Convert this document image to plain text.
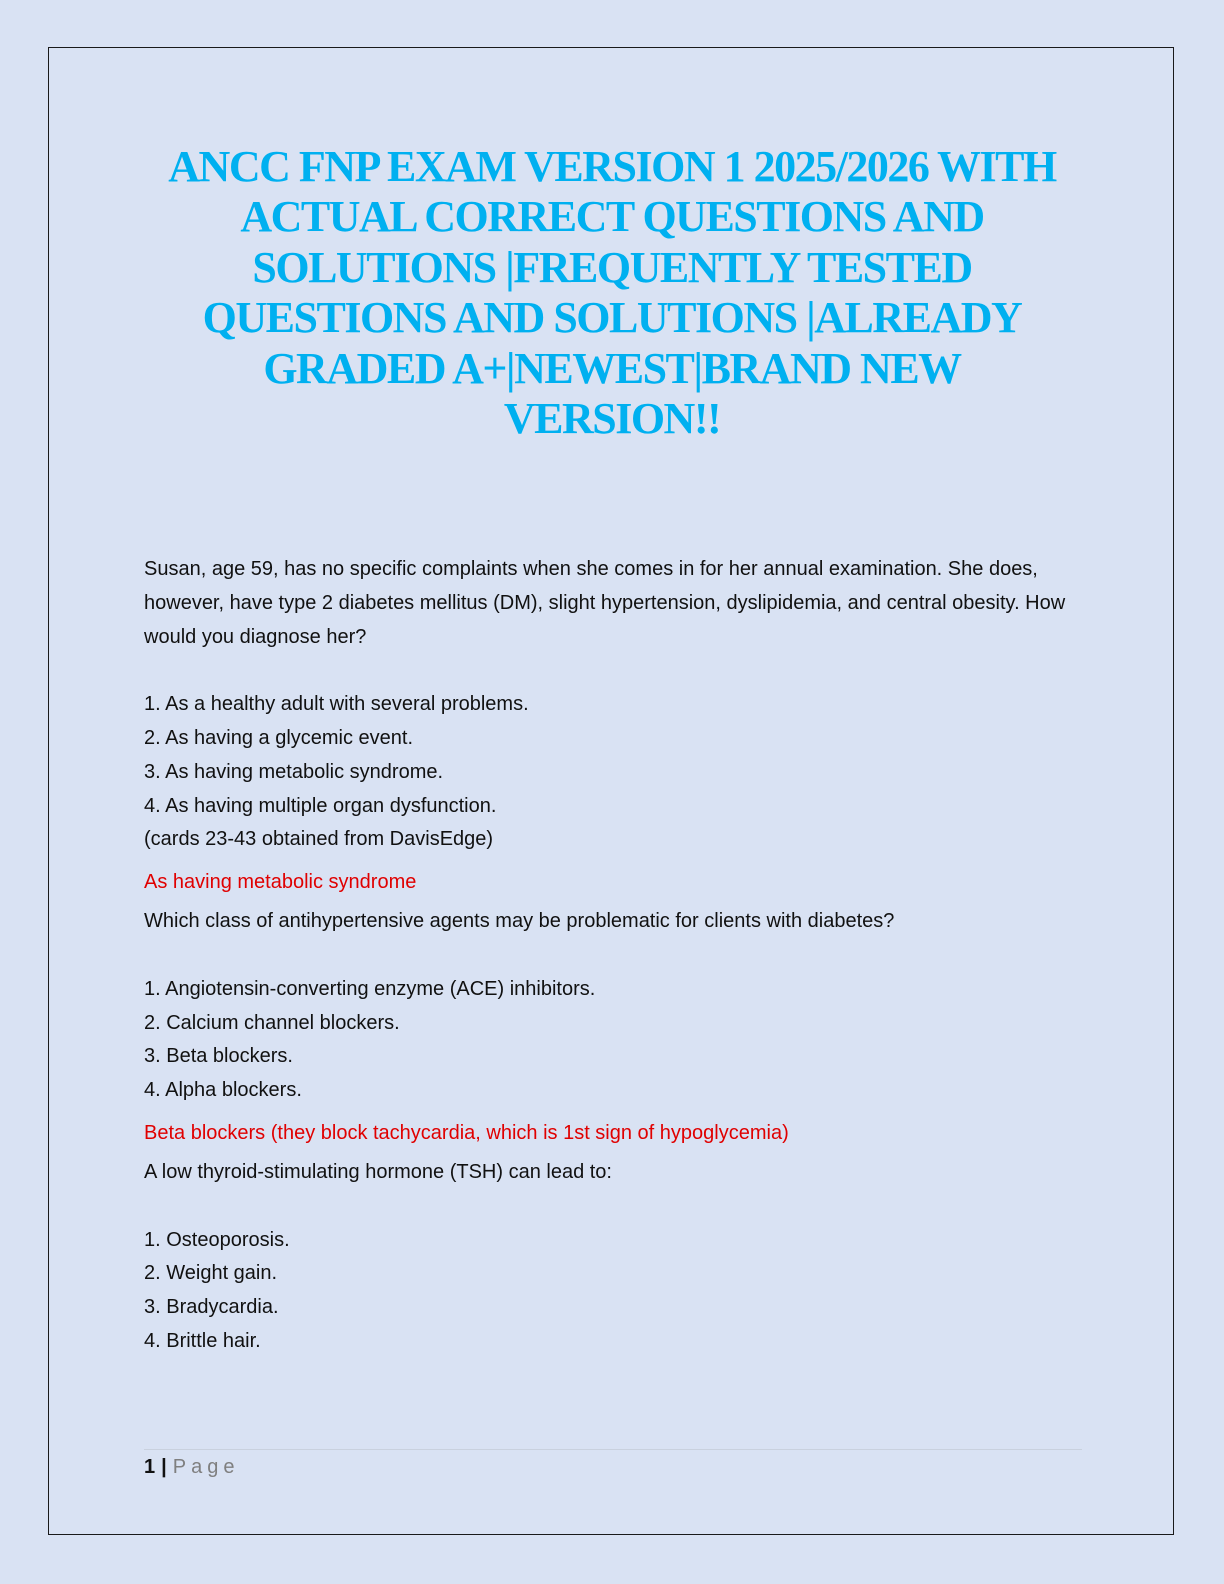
ANCC FNP EXAM VERSION 1 2025/2026 WITH
ACTUAL CORRECT QUESTIONS AND
SOLUTIONS |FREQUENTLY TESTED
QUESTIONS AND SOLUTIONS |ALREADY
GRADED A+|NEWEST|BRAND NEW
VERSION!!

Susan, age 59, has no specific complaints when she comes in for her annual examination. She does, however, have type 2 diabetes mellitus (DM), slight hypertension, dyslipidemia, and central obesity. How would you diagnose her?

1. As a healthy adult with several problems.
2. As having a glycemic event.
3. As having metabolic syndrome.
4. As having multiple organ dysfunction.
(cards 23-43 obtained from DavisEdge)

As having metabolic syndrome

Which class of antihypertensive agents may be problematic for clients with diabetes?

1. Angiotensin-converting enzyme (ACE) inhibitors.
2. Calcium channel blockers.
3. Beta blockers.
4. Alpha blockers.

Beta blockers (they block tachycardia, which is 1st sign of hypoglycemia)

A low thyroid-stimulating hormone (TSH) can lead to:

1. Osteoporosis.
2. Weight gain.
3. Bradycardia.
4. Brittle hair.
1 | Page
